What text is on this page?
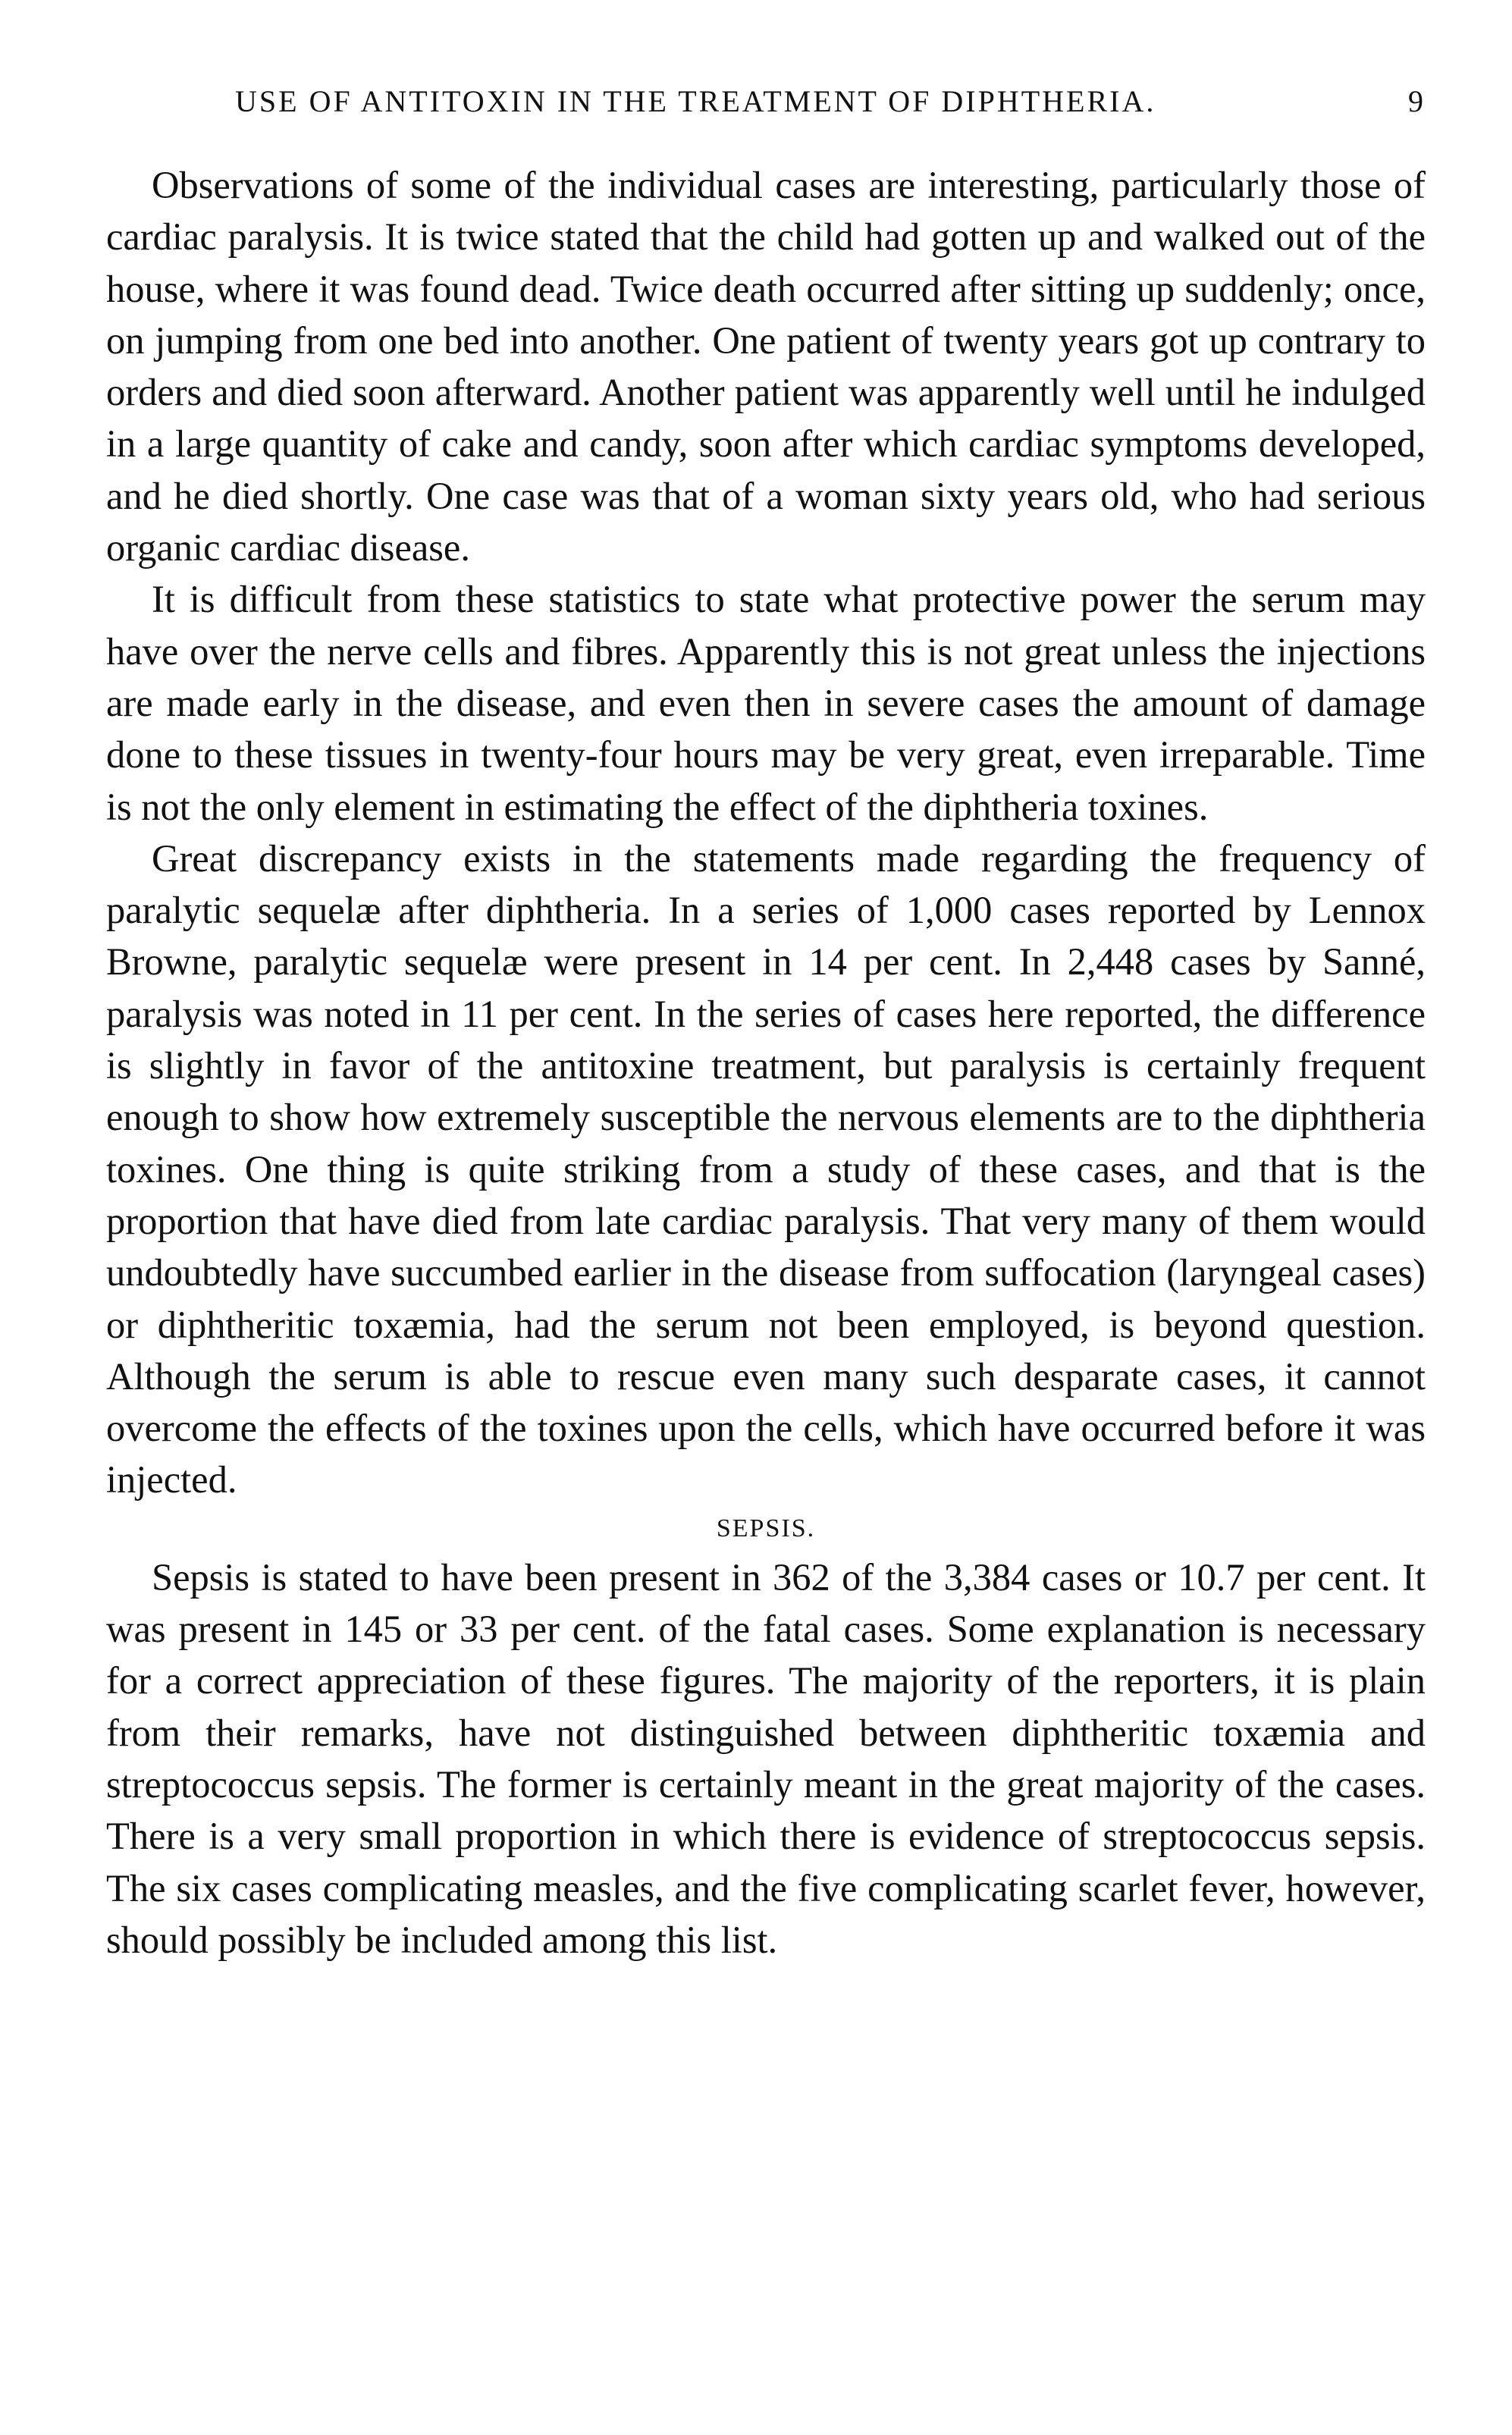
USE OF ANTITOXIN IN THE TREATMENT OF DIPHTHERIA.	9

Observations of some of the individual cases are interesting, particularly those of cardiac paralysis. It is twice stated that the child had gotten up and walked out of the house, where it was found dead. Twice death occurred after sitting up suddenly; once, on jumping from one bed into another. One patient of twenty years got up contrary to orders and died soon afterward. Another patient was apparently well until he indulged in a large quantity of cake and candy, soon after which cardiac symptoms developed, and he died shortly. One case was that of a woman sixty years old, who had serious organic cardiac disease.

It is difficult from these statistics to state what protective power the serum may have over the nerve cells and fibres. Apparently this is not great unless the injections are made early in the disease, and even then in severe cases the amount of damage done to these tissues in twenty-four hours may be very great, even irreparable. Time is not the only element in estimating the effect of the diphtheria toxines.

Great discrepancy exists in the statements made regarding the frequency of paralytic sequelæ after diphtheria. In a series of 1,000 cases reported by Lennox Browne, paralytic sequelæ were present in 14 per cent. In 2,448 cases by Sanné, paralysis was noted in 11 per cent. In the series of cases here reported, the difference is slightly in favor of the antitoxine treatment, but paralysis is certainly frequent enough to show how extremely susceptible the nervous elements are to the diphtheria toxines. One thing is quite striking from a study of these cases, and that is the proportion that have died from late cardiac paralysis. That very many of them would undoubtedly have succumbed earlier in the disease from suffocation (laryngeal cases) or diphtheritic toxæmia, had the serum not been employed, is beyond question. Although the serum is able to rescue even many such desparate cases, it cannot overcome the effects of the toxines upon the cells, which have occurred before it was injected.

SEPSIS.

Sepsis is stated to have been present in 362 of the 3,384 cases or 10.7 per cent. It was present in 145 or 33 per cent. of the fatal cases. Some explanation is necessary for a correct appreciation of these figures. The majority of the reporters, it is plain from their remarks, have not distinguished between diphtheritic toxæmia and streptococcus sepsis. The former is certainly meant in the great majority of the cases. There is a very small proportion in which there is evidence of streptococcus sepsis. The six cases complicating measles, and the five complicating scarlet fever, however, should possibly be included among this list.
